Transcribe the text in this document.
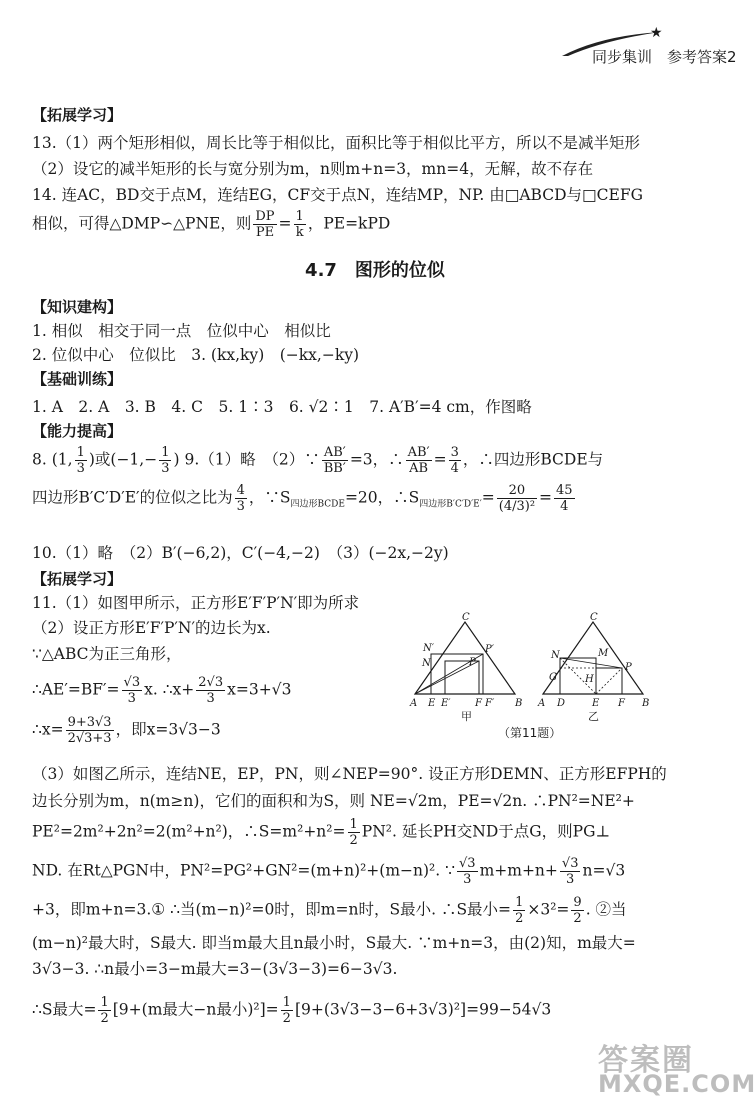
★
同步集训　参考答案2
【拓展学习】
13.（1）两个矩形相似，周长比等于相似比，面积比等于相似比平方，所以不是减半矩形
（2）设它的减半矩形的长与宽分别为m，n则m+n=3，mn=4，无解，故不存在
14. 连AC，BD交于点M，连结EG，CF交于点N，连结MP，NP. 由□ABCD与□CEFG
相似，可得△DMP∽△PNE，则 $\frac{DP}{PE} = \frac{1}{k}$ ，PE=kPD
4.7　图形的位似
【知识建构】
1. 相似　相交于同一点　位似中心　相似比
2. 位似中心　位似比　3. (kx,ky)　(−kx,−ky)
【基础训练】
1. A　2. A　3. B　4. C　5. 1∶3　6. √2∶1　7. A′B′=4 cm，作图略
【能力提高】
8. (1, $\frac{1}{3}$ )或($-1,- \frac{1}{3}$ ) 9.（1）略　（2）∵ $\frac{AB'}{BB'} =3$，∴ $\frac{AB'}{AB} = \frac{3}{4}$ ，∴四边形BCDE与
四边形B′C′D′E′的位似之比为 $\frac{4}{3}$ ，$\because S_{四边形BCDE}=20$，$\therefore S_{四边形B'C'D'E'}= \frac{20}{\text{(4/3)²}} = \frac{45}{4}$
10.（1）略　（2）B′(−6,2)，C′(−4,−2)　（3）(−2x,−2y)
【拓展学习】
11.（1）如图甲所示，正方形E′F′P′N′即为所求
（2）设正方形E′F′P′N′的边长为x.
∵△ABC为正三角形，
∴AE′=BF′= $\frac{√3}{3} x$. ∴x+ $\frac{2√3}{3} x=3+√3$
∴x= $\frac{9+3√3}{2√3+3}$ ，即x=3√3−3
（3）如图乙所示，连结NE，EP，PN，则∠NEP=90°. 设正方形DEMN、正方形EFPH的
边长分别为m，n(m≥n)，它们的面积和为S，则 NE=√2m，PE=√2n. ∴PN²=NE²+
PE²=2m²+2n²=2(m²+n²)，∴S=m²+n²= $\frac{1}{2} PN^2$. 延长PH交ND于点G，则PG⊥
ND. 在Rt△PGN中，PN²=PG²+GN²=(m+n)²+(m−n)². ∵ $\frac{√3}{3} m+m+n+ \frac{√3}{3} n=√3$
+3，即m+n=3.① ∴当(m−n)²=0时，即m=n时，S最小. ∴S最小= $\frac{1}{2} \times 3^2= \frac{9}{2}$ . ②当
(m−n)²最大时，S最大. 即当m最大且n最小时，S最大. ∵m+n=3，由(2)知，m最大=
3√3−3. ∴n最小=3−m最大=3−(3√3−3)=6−3√3.
∴S最大= $\frac{1}{2} [9+(m$最大−n最小)$^2]= \frac{1}{2} [9+(3√3-3-6+3√3)^2]=99-54√3$
C
N′	P′
N	P
A E E′ F F′ B
甲
C
N	M
G	H
P
A D	E F B
乙
（第11题）
答案圈
MXQE.COM
